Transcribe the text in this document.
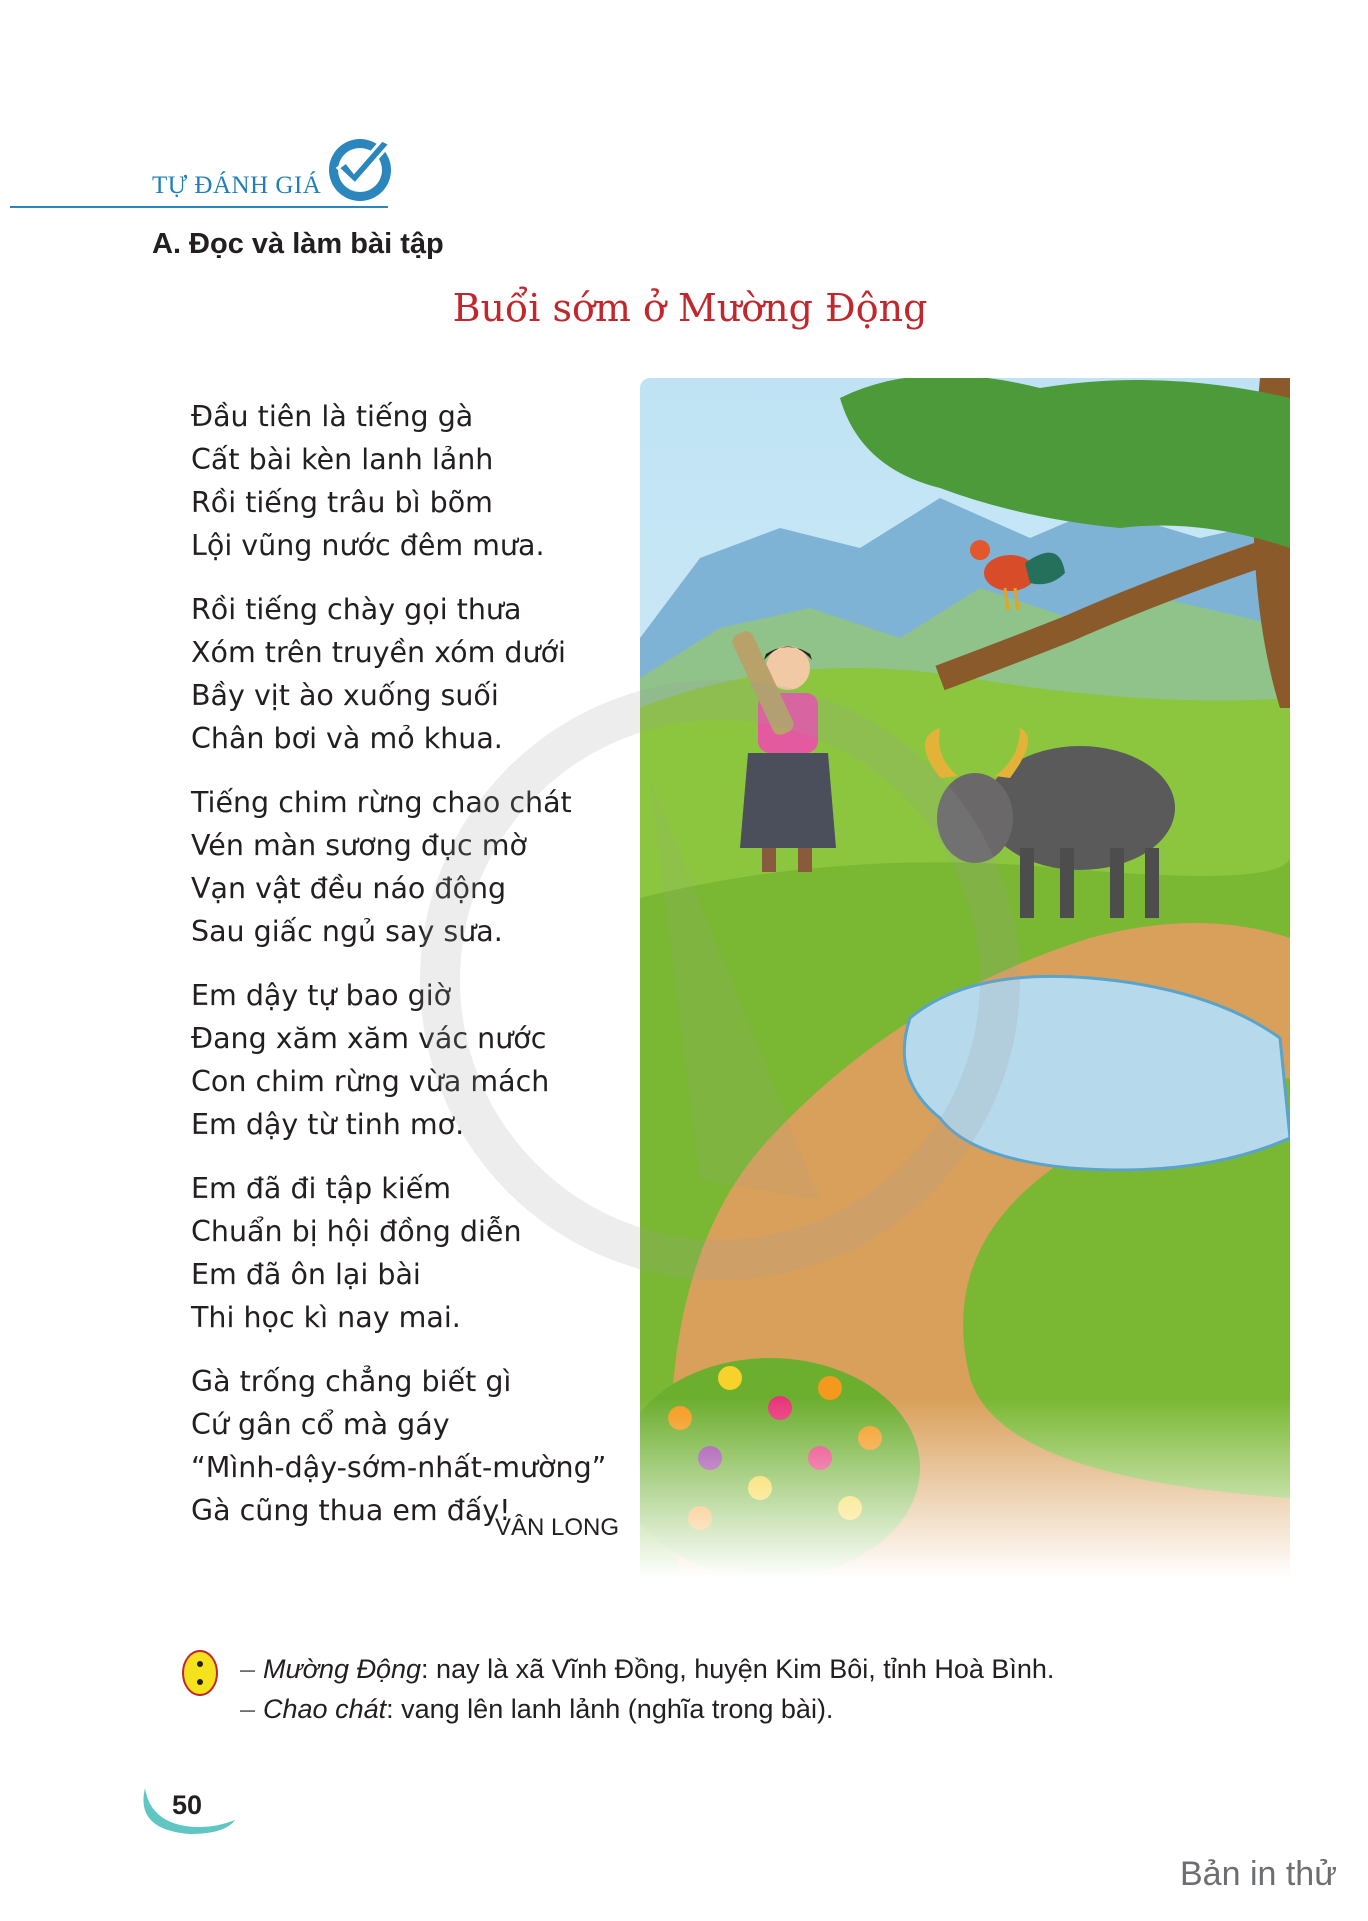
TỰ ĐÁNH GIÁ
A. Đọc và làm bài tập
Buổi sớm ở Mường Động
Đầu tiên là tiếng gà
Cất bài kèn lanh lảnh
Rồi tiếng trâu bì bõm
Lội vũng nước đêm mưa.
Rồi tiếng chày gọi thưa
Xóm trên truyền xóm dưới
Bầy vịt ào xuống suối
Chân bơi và mỏ khua.
Tiếng chim rừng chao chát
Vén màn sương đục mờ
Vạn vật đều náo động
Sau giấc ngủ say sưa.
Em dậy tự bao giờ
Đang xăm xăm vác nước
Con chim rừng vừa mách
Em dậy từ tinh mơ.
Em đã đi tập kiếm
Chuẩn bị hội đồng diễn
Em đã ôn lại bài
Thi học kì nay mai.
Gà trống chẳng biết gì
Cứ gân cổ mà gáy
“Mình-dậy-sớm-nhất-mường”
Gà cũng thua em đấy!
VÂN LONG
– Mường Động: nay là xã Vĩnh Đồng, huyện Kim Bôi, tỉnh Hoà Bình.
– Chao chát: vang lên lanh lảnh (nghĩa trong bài).
50
Bản in thử
